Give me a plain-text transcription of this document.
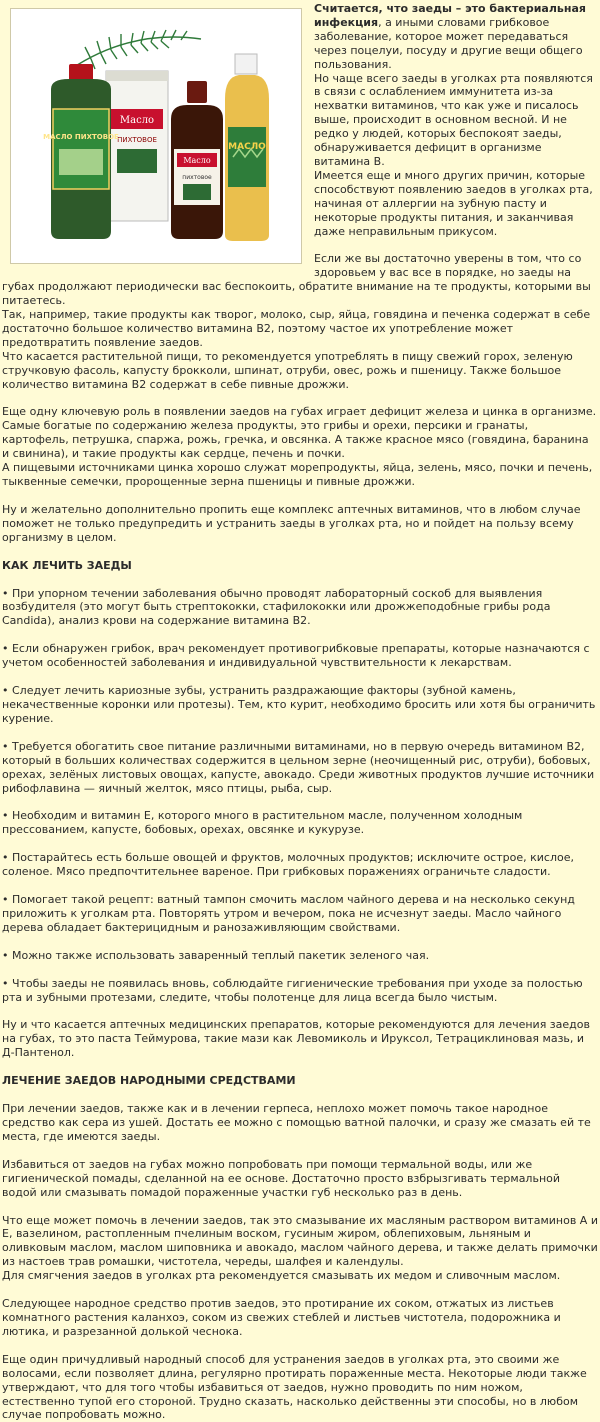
Масло
ПИХТОВОЕ
МАСЛО ПИХТОВОЕ
Масло
пихтовое
МАСЛО

Считается, что заеды – это бактериальная инфекция, а иными словами грибковое заболевание, которое может передаваться через поцелуи, посуду и другие вещи общего пользования.

Но чаще всего заеды в уголках рта появляются в связи с ослаблением иммунитета из-за нехватки витаминов, что как уже и писалось выше, происходит в основном весной. И не редко у людей, которых беспокоят заеды, обнаруживается дефицит в организме витамина В.

Имеется еще и много других причин, которые способствуют появлению заедов в уголках рта, начиная от аллергии на зубную пасту и некоторые продукты питания, и заканчивая даже неправильным прикусом.

Если же вы достаточно уверены в том, что со здоровьем у вас все в порядке, но заеды на губах продолжают периодически вас беспокоить, обратите внимание на те продукты, которыми вы питаетесь.

Так, например, такие продукты как творог, молоко, сыр, яйца, говядина и печенка содержат в себе достаточно большое количество витамина В2, поэтому частое их употребление может предотвратить появление заедов.

Что касается растительной пищи, то рекомендуется употреблять в пищу свежий горох, зеленую стручковую фасоль, капусту брокколи, шпинат, отруби, овес, рожь и пшеницу. Также большое количество витамина В2 содержат в себе пивные дрожжи.

Еще одну ключевую роль в появлении заедов на губах играет дефицит железа и цинка в организме. Самые богатые по содержанию железа продукты, это грибы и орехи, персики и гранаты, картофель, петрушка, спаржа, рожь, гречка, и овсянка. А также красное мясо (говядина, баранина и свинина), и такие продукты как сердце, печень и почки.

А пищевыми источниками цинка хорошо служат морепродукты, яйца, зелень, мясо, почки и печень, тыквенные семечки, пророщенные зерна пшеницы и пивные дрожжи.

Ну и желательно дополнительно пропить еще комплекс аптечных витаминов, что в любом случае поможет не только предупредить и устранить заеды в уголках рта, но и пойдет на пользу всему организму в целом.

КАК ЛЕЧИТЬ ЗАЕДЫ

• При упорном течении заболевания обычно проводят лабораторный соскоб для выявления возбудителя (это могут быть стрептококки, стафилококки или дрожжеподобные грибы рода Candida), анализ крови на содержание витамина В2.

• Если обнаружен грибок, врач рекомендует противогрибковые препараты, которые назначаются с учетом особенностей заболевания и индивидуальной чувствительности к лекарствам.

• Следует лечить кариозные зубы, устранить раздражающие факторы (зубной камень, некачественные коронки или протезы). Тем, кто курит, необходимо бросить или хотя бы ограничить курение.

• Требуется обогатить свое питание различными витаминами, но в первую очередь витамином В2, который в больших количествах содержится в цельном зерне (неочищенный рис, отруби), бобовых, орехах, зелёных листовых овощах, капусте, авокадо. Среди животных продуктов лучшие источники рибофлавина — яичный желток, мясо птицы, рыба, сыр.

• Необходим и витамин Е, которого много в растительном масле, полученном холодным прессованием, капусте, бобовых, орехах, овсянке и кукурузе.

• Постарайтесь есть больше овощей и фруктов, молочных продуктов; исключите острое, кислое, соленое. Мясо предпочтительнее вареное. При грибковых поражениях ограничьте сладости.

• Помогает такой рецепт: ватный тампон смочить маслом чайного дерева и на несколько секунд приложить к уголкам рта. Повторять утром и вечером, пока не исчезнут заеды. Масло чайного дерева обладает бактерицидным и ранозаживляющим свойствами.

• Можно также использовать заваренный теплый пакетик зеленого чая.

• Чтобы заеды не появилась вновь, соблюдайте гигиенические требования при уходе за полостью рта и зубными протезами, следите, чтобы полотенце для лица всегда было чистым.

Ну и что касается аптечных медицинских препаратов, которые рекомендуются для лечения заедов на губах, то это паста Теймурова, такие мази как Левомиколь и Ируксол, Тетрациклиновая мазь, и Д-Пантенол.

ЛЕЧЕНИЕ ЗАЕДОВ НАРОДНЫМИ СРЕДСТВАМИ

При лечении заедов, также как и в лечении герпеса, неплохо может помочь такое народное средство как сера из ушей. Достать ее можно с помощью ватной палочки, и сразу же смазать ей те места, где имеются заеды.

Избавиться от заедов на губах можно попробовать при помощи термальной воды, или же гигиенической помады, сделанной на ее основе. Достаточно просто взбрызгивать термальной водой или смазывать помадой пораженные участки губ несколько раз в день.

Что еще может помочь в лечении заедов, так это смазывание их масляным раствором витаминов А и Е, вазелином, растопленным пчелиным воском, гусиным жиром, облепиховым, льняным и оливковым маслом, маслом шиповника и авокадо, маслом чайного дерева, и также делать примочки из настоев трав ромашки, чистотела, череды, шалфея и календулы.

Для смягчения заедов в уголках рта рекомендуется смазывать их медом и сливочным маслом.

Следующее народное средство против заедов, это протирание их соком, отжатых из листьев комнатного растения каланхоэ, соком из свежих стеблей и листьев чистотела, подорожника и лютика, и разрезанной долькой чеснока.

Еще один причудливый народный способ для устранения заедов в уголках рта, это своими же волосами, если позволяет длина, регулярно протирать пораженные места. Некоторые люди также утверждают, что для того чтобы избавиться от заедов, нужно проводить по ним ножом, естественно тупой его стороной. Трудно сказать, насколько действенны эти способы, но в любом случае попробовать можно.
